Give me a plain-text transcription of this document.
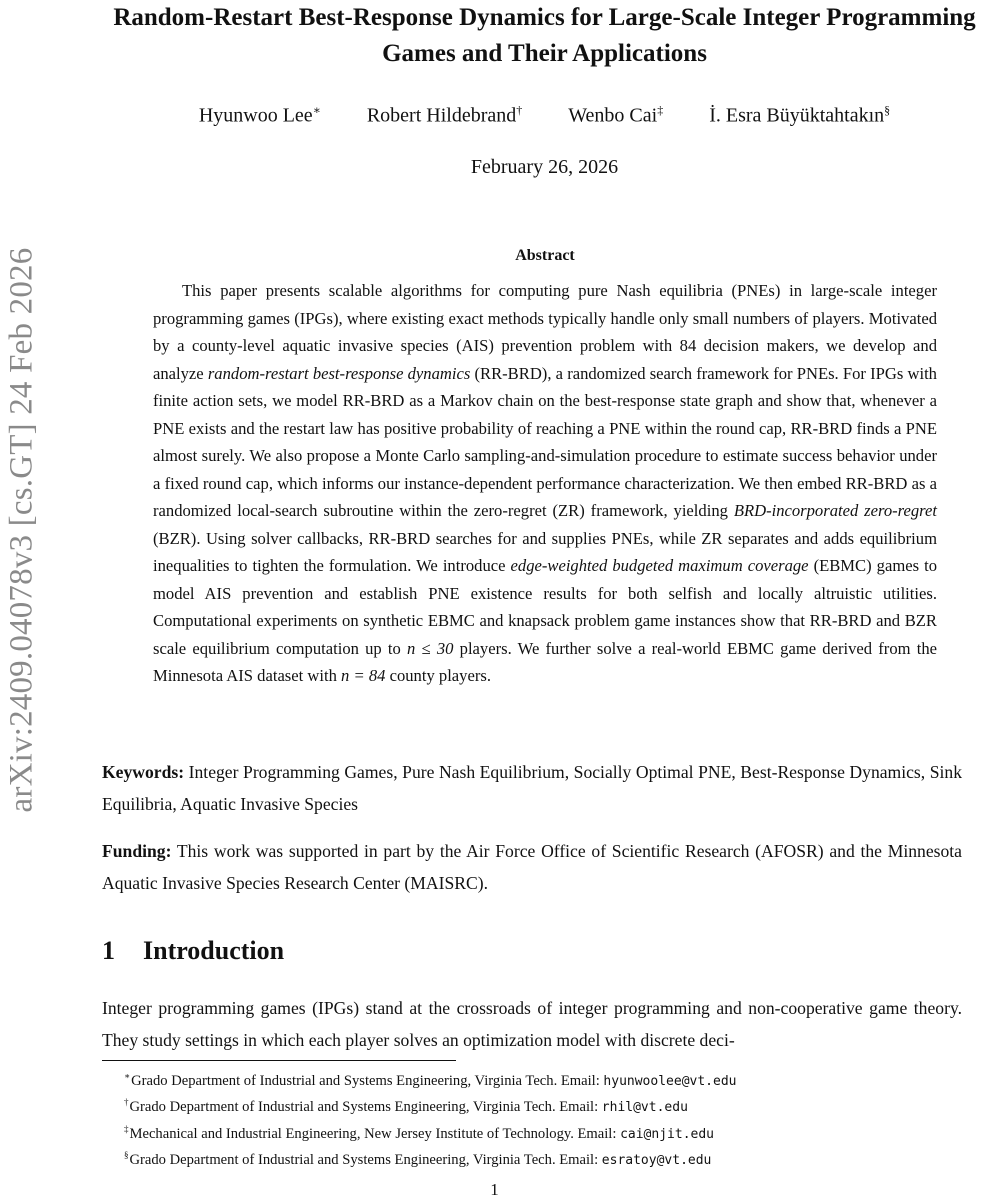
arXiv:2409.04078v3 [cs.GT] 24 Feb 2026
Random-Restart Best-Response Dynamics for Large-Scale Integer Programming Games and Their Applications
Hyunwoo Lee∗ Robert Hildebrand† Wenbo Cai‡ İ. Esra Büyüktahtakın§
February 26, 2026
Abstract

This paper presents scalable algorithms for computing pure Nash equilibria (PNEs) in large-scale integer programming games (IPGs), where existing exact methods typically handle only small numbers of players. Motivated by a county-level aquatic invasive species (AIS) prevention problem with 84 decision makers, we develop and analyze random-restart best-response dynamics (RR-BRD), a randomized search framework for PNEs. For IPGs with finite action sets, we model RR-BRD as a Markov chain on the best-response state graph and show that, whenever a PNE exists and the restart law has positive probability of reaching a PNE within the round cap, RR-BRD finds a PNE almost surely. We also propose a Monte Carlo sampling-and-simulation procedure to estimate success behavior under a fixed round cap, which informs our instance-dependent performance characterization. We then embed RR-BRD as a randomized local-search subroutine within the zero-regret (ZR) framework, yielding BRD-incorporated zero-regret (BZR). Using solver callbacks, RR-BRD searches for and supplies PNEs, while ZR separates and adds equilibrium inequalities to tighten the formulation. We introduce edge-weighted budgeted maximum coverage (EBMC) games to model AIS prevention and establish PNE existence results for both selfish and locally altruistic utilities. Computational experiments on synthetic EBMC and knapsack problem game instances show that RR-BRD and BZR scale equilibrium computation up to n ≤ 30 players. We further solve a real-world EBMC game derived from the Minnesota AIS dataset with n = 84 county players.

Keywords: Integer Programming Games, Pure Nash Equilibrium, Socially Optimal PNE, Best-Response Dynamics, Sink Equilibria, Aquatic Invasive Species

Funding: This work was supported in part by the Air Force Office of Scientific Research (AFOSR) and the Minnesota Aquatic Invasive Species Research Center (MAISRC).

1 Introduction

Integer programming games (IPGs) stand at the crossroads of integer programming and non-cooperative game theory. They study settings in which each player solves an optimization model with discrete deci-

∗Grado Department of Industrial and Systems Engineering, Virginia Tech. Email: hyunwoolee@vt.edu
†Grado Department of Industrial and Systems Engineering, Virginia Tech. Email: rhil@vt.edu
‡Mechanical and Industrial Engineering, New Jersey Institute of Technology. Email: cai@njit.edu
§Grado Department of Industrial and Systems Engineering, Virginia Tech. Email: esratoy@vt.edu
1
